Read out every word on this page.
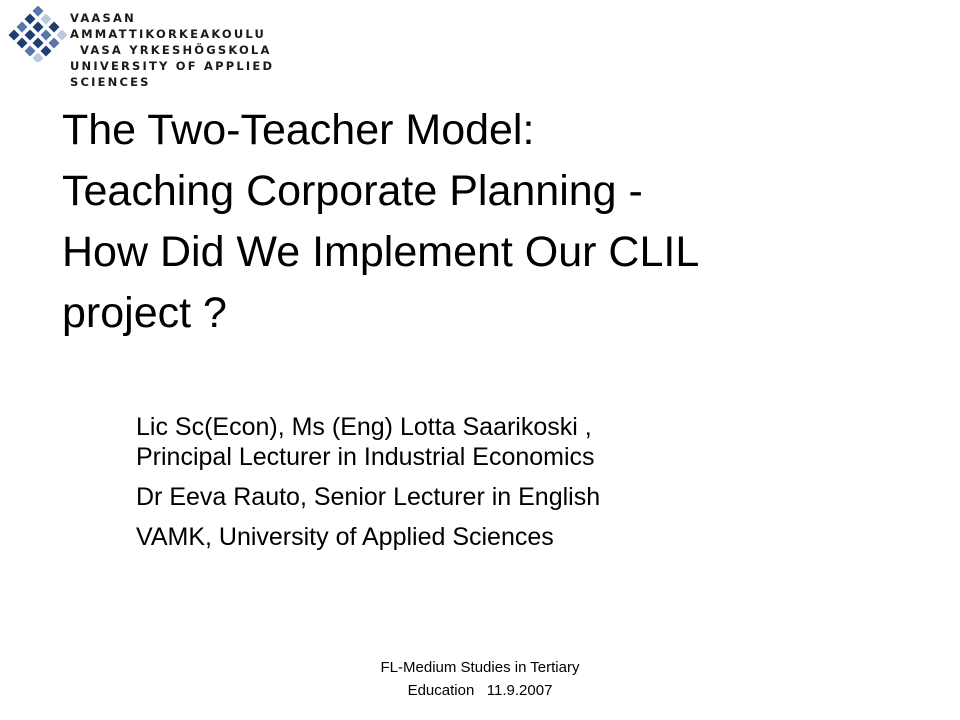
VAASAN AMMATTIKORKEAKOULU
VASA YRKESHÖGSKOLA
UNIVERSITY OF APPLIED SCIENCES
The Two-Teacher Model:
Teaching Corporate Planning -
How Did We Implement Our CLIL
project ?
Lic Sc(Econ), Ms (Eng) Lotta Saarikoski ,
Principal Lecturer in Industrial Economics
Dr Eeva Rauto, Senior Lecturer in English
VAMK, University of Applied Sciences
FL-Medium Studies in Tertiary
Education   11.9.2007
